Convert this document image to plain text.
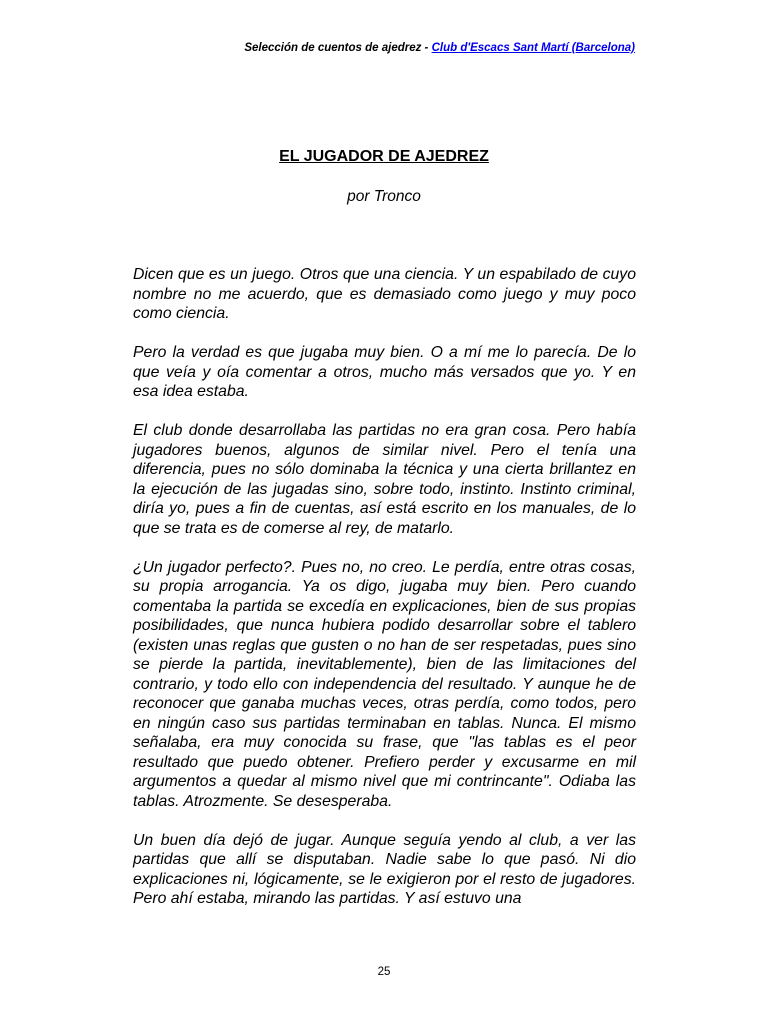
Selección de cuentos de ajedrez - Club d'Escacs Sant Martí (Barcelona)
EL JUGADOR DE AJEDREZ
por Tronco

Dicen que es un juego. Otros que una ciencia. Y un espabilado de cuyo nombre no me acuerdo, que es demasiado como juego y muy poco como ciencia.

Pero la verdad es que jugaba muy bien. O a mí me lo parecía. De lo que veía y oía comentar a otros, mucho más versados que yo. Y en esa idea estaba.

El club donde desarrollaba las partidas no era gran cosa. Pero había jugadores buenos, algunos de similar nivel. Pero el tenía una diferencia, pues no sólo dominaba la técnica y una cierta brillantez en la ejecución de las jugadas sino, sobre todo, instinto. Instinto criminal, diría yo, pues a fin de cuentas, así está escrito en los manuales, de lo que se trata es de comerse al rey, de matarlo.

¿Un jugador perfecto?. Pues no, no creo. Le perdía, entre otras cosas, su propia arrogancia. Ya os digo, jugaba muy bien. Pero cuando comentaba la partida se excedía en explicaciones, bien de sus propias posibilidades, que nunca hubiera podido desarrollar sobre el tablero (existen unas reglas que gusten o no han de ser respetadas, pues sino se pierde la partida, inevitablemente), bien de las limitaciones del contrario, y todo ello con independencia del resultado. Y aunque he de reconocer que ganaba muchas veces, otras perdía, como todos, pero en ningún caso sus partidas terminaban en tablas. Nunca. El mismo señalaba, era muy conocida su frase, que "las tablas es el peor resultado que puedo obtener. Prefiero perder y excusarme en mil argumentos a quedar al mismo nivel que mi contrincante". Odiaba las tablas. Atrozmente. Se desesperaba.

Un buen día dejó de jugar. Aunque seguía yendo al club, a ver las partidas que allí se disputaban. Nadie sabe lo que pasó. Ni dio explicaciones ni, lógicamente, se le exigieron por el resto de jugadores. Pero ahí estaba, mirando las partidas. Y así estuvo una

25
